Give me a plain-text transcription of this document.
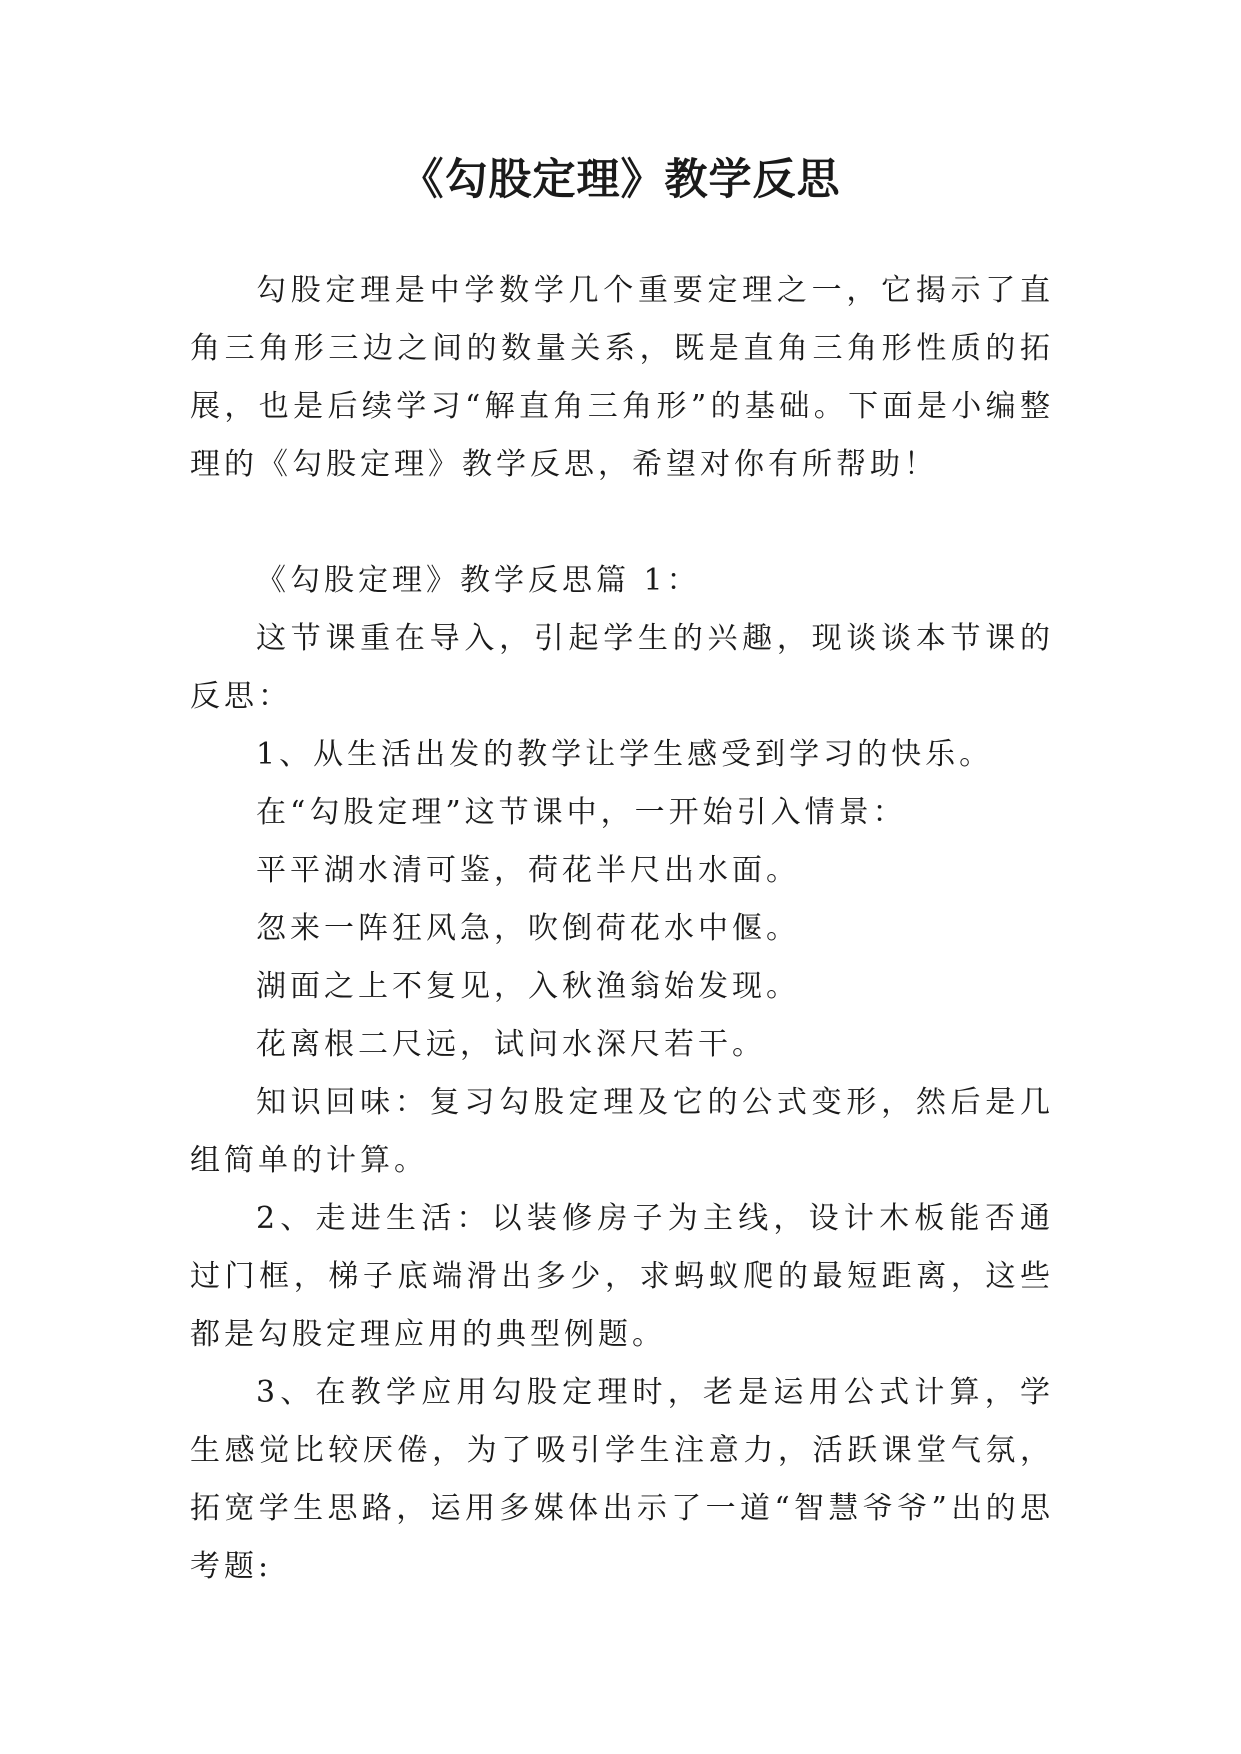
《勾股定理》教学反思

勾股定理是中学数学几个重要定理之一，它揭示了直角三角形三边之间的数量关系，既是直角三角形性质的拓展，也是后续学习“解直角三角形”的基础。下面是小编整理的《勾股定理》教学反思，希望对你有所帮助！

《勾股定理》教学反思篇 1：

这节课重在导入，引起学生的兴趣，现谈谈本节课的反思：

1、从生活出发的教学让学生感受到学习的快乐。

在“勾股定理”这节课中，一开始引入情景：

平平湖水清可鉴，荷花半尺出水面。

忽来一阵狂风急，吹倒荷花水中偃。

湖面之上不复见，入秋渔翁始发现。

花离根二尺远，试问水深尺若干。

知识回味：复习勾股定理及它的公式变形，然后是几组简单的计算。

2、走进生活：以装修房子为主线，设计木板能否通过门框，梯子底端滑出多少，求蚂蚁爬的最短距离，这些都是勾股定理应用的典型例题。

3、在教学应用勾股定理时，老是运用公式计算，学生感觉比较厌倦，为了吸引学生注意力，活跃课堂气氛，拓宽学生思路，运用多媒体出示了一道“智慧爷爷”出的思考题:
